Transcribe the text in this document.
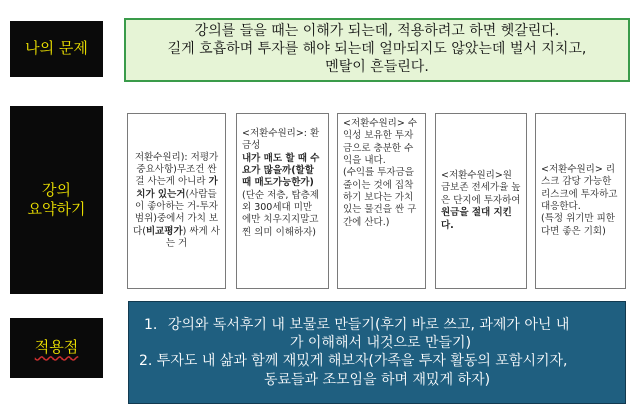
나의 문제
강의
요약하기
적용점
강의를 들을 때는 이해가 되는데, 적용하려고 하면 헷갈린다.
길게 호흡하며 투자를 해야 되는데 얼마되지도 않았는데 벌서 지치고,
멘탈이 흔들린다.
저환수원리): 저평가 중요사항)무조건 싼 걸 사는게 아니라 가치가 있는거(사람들이 좋아하는 거-투자 범위)중에서 가치 보다(비교평가) 싸게 사는 거
<저환수원리>: 환금성
내가 매도 할 때 수요가 많을까(할할 때 매도가능한가)
(단순 저층, 탑층제외 300세대 미만 에만 치우지지말고 찐 의미 이해하자)
<저환수원리> 수익성 보유한 투자금으로 충분한 수익을 내다.
(수익를 투자금을 줄이는 것에 집착 하기 보다는 가치 있는 물건을 싼 구간에 산다.)
<저환수원리>원금보존 전세가율 높은 단지에 투자하여
원금을 절대 지킨다.
<저환수원리> 리스크 감당 가능한 리스크에 투자하고 대응한다.
(특정 위기만 피한다면 좋은 기회)
1. 강의와 독서후기 내 보물로 만들기(후기 바로 쓰고, 과제가 아닌 내
가 이해해서 내것으로 만들기)
2. 투자도 내 삶과 함께 재밌게 해보자(가족을 투자 활동의 포함시키자,
동료들과 조모임을 하며 재밌게 하자)
